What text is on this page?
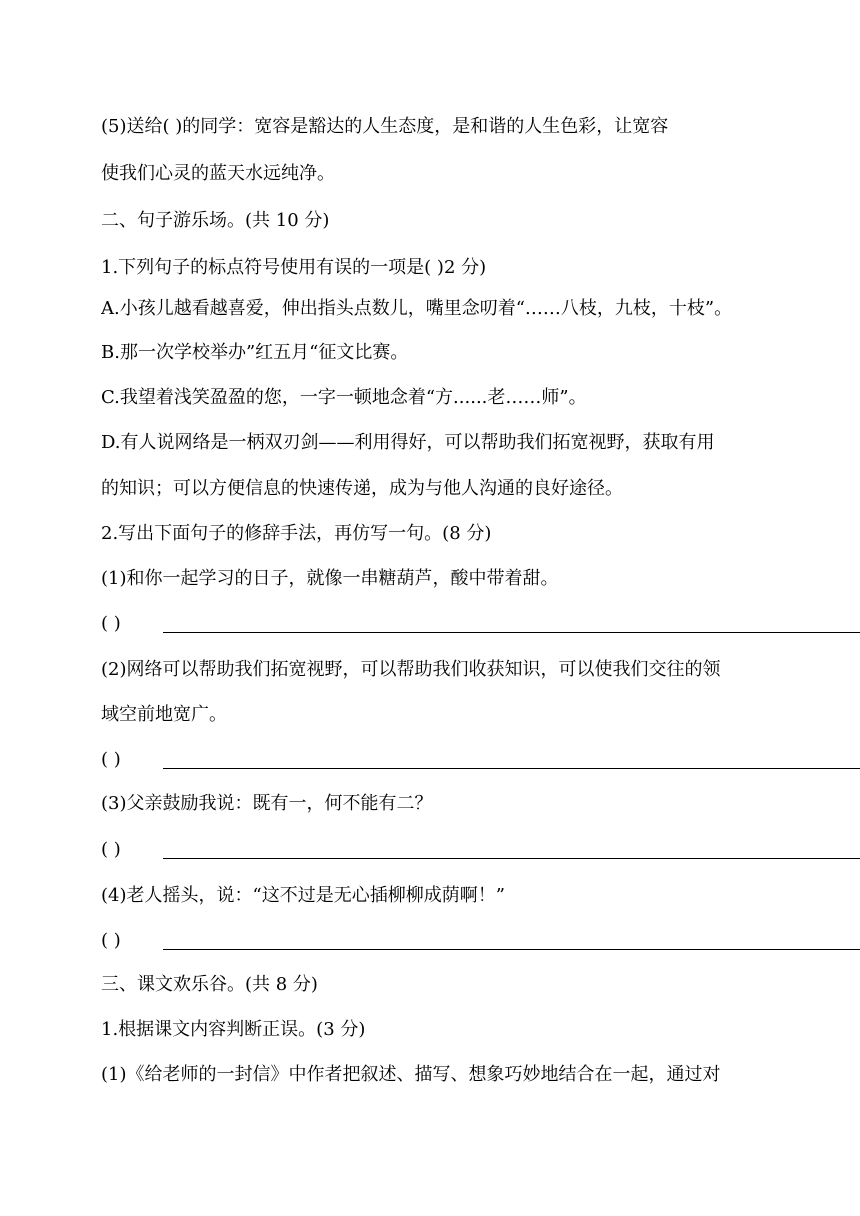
(5)送给( )的同学：宽容是豁达的人生态度，是和谐的人生色彩，让宽容
使我们心灵的蓝天水远纯净。
二、句子游乐场。(共 10 分)
1.下列句子的标点符号使用有误的一项是( )2 分)
A.小孩儿越看越喜爱，伸出指头点数儿，嘴里念叨着“……八枝，九枝，十枝”。
B.那一次学校举办”红五月“征文比赛。
C.我望着浅笑盈盈的您，一字一顿地念着“方......老……师”。
D.有人说网络是一柄双刃剑——利用得好，可以帮助我们拓宽视野，获取有用
的知识；可以方便信息的快速传递，成为与他人沟通的良好途径。
2.写出下面句子的修辞手法，再仿写一句。(8 分)
(1)和你一起学习的日子，就像一串糖葫芦，酸中带着甜。
( )
(2)网络可以帮助我们拓宽视野，可以帮助我们收获知识，可以使我们交往的领
域空前地宽广。
( )
(3)父亲鼓励我说：既有一，何不能有二？
( )
(4)老人摇头，说：“这不过是无心插柳柳成荫啊！”
( )
三、课文欢乐谷。(共 8 分)
1.根据课文内容判断正误。(3 分)
(1)《给老师的一封信》中作者把叙述、描写、想象巧妙地结合在一起，通过对
